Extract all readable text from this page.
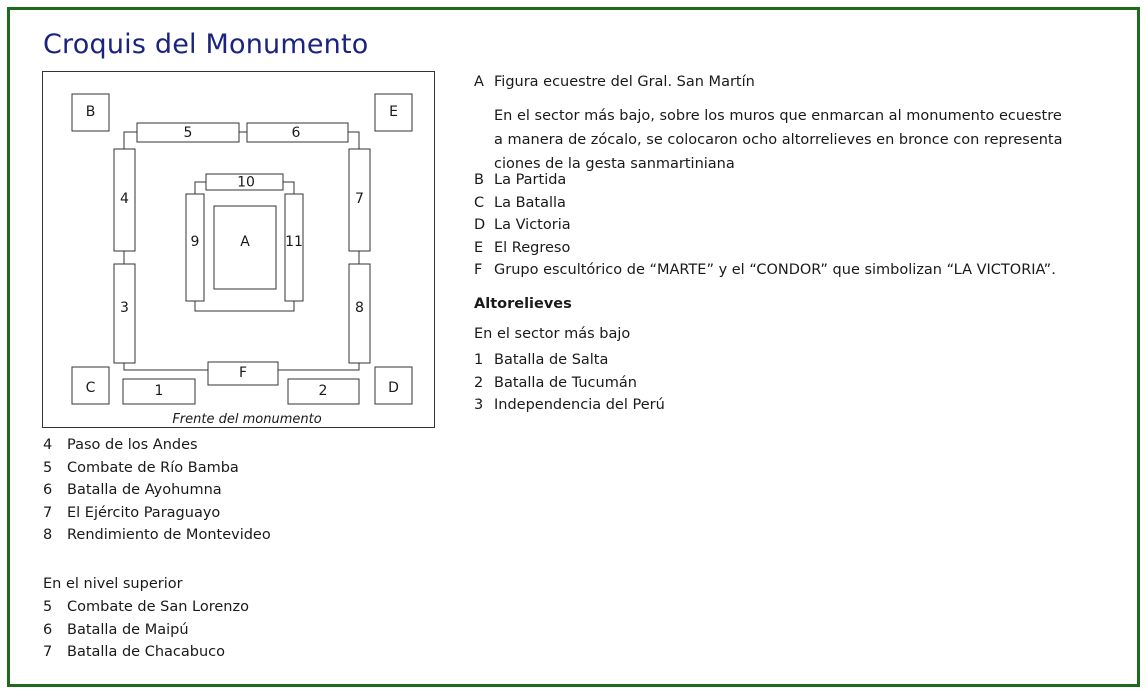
Croquis del Monumento
B	E
C	D
5	6
4
3
7
8
F
1	2
10
9	11
A
Frente del monumento
4	Paso de los Andes
5	Combate de Río Bamba
6	Batalla de Ayohumna
7	El Ejército Paraguayo
8	Rendimiento de Montevideo
En el nivel superior
5	Combate de San Lorenzo
6	Batalla de Maipú
7	Batalla de Chacabuco
A Figura ecuestre del Gral. San Martín
En el sector más bajo, sobre los muros que enmarcan al monumento ecuestre
a manera de zócalo, se colocaron ocho altorrelieves en bronce con representa
ciones de la gesta sanmartiniana
B La Partida
C La Batalla
D La Victoria
E El Regreso
F Grupo escultórico de “MARTE” y el “CONDOR” que simbolizan “LA VICTORIA”.
Altorelieves
En el sector más bajo
1 Batalla de Salta
2 Batalla de Tucumán
3 Independencia del Perú
